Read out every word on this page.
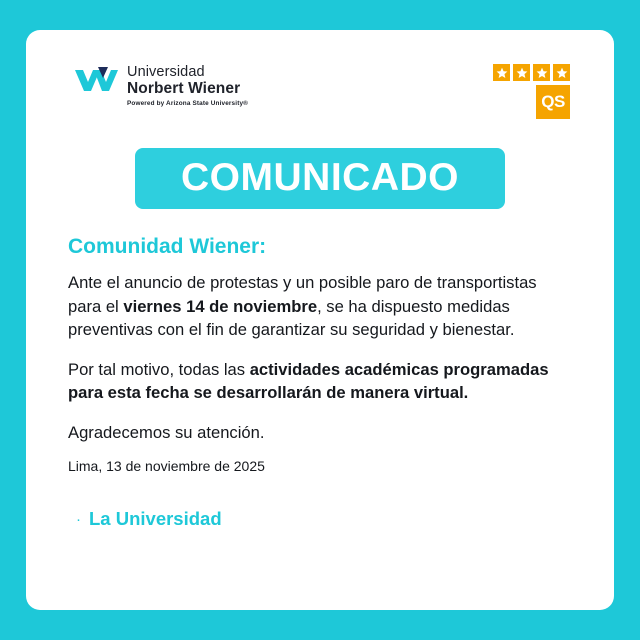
Universidad
Norbert Wiener
Powered by Arizona State University®	QS
COMUNICADO
Comunidad Wiener:

Ante el anuncio de protestas y un posible paro de transportistas para el viernes 14 de noviembre, se ha dispuesto medidas preventivas con el fin de garantizar su seguridad y bienestar.

Por tal motivo, todas las actividades académicas programadas para esta fecha se desarrollarán de manera virtual.

Agradecemos su atención.

Lima, 13 de noviembre de 2025

· La Universidad
